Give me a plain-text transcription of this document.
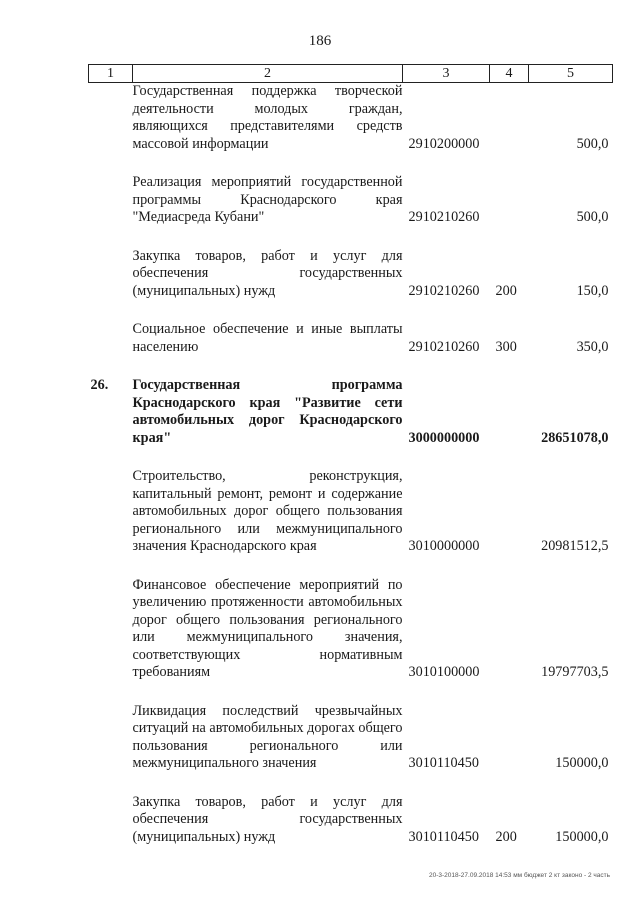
186
1	2	3	4	5
	Государственная поддержка творческой деятельности молодых граждан, являющихся представителями средств массовой информации	2910200000		500,0

	Реализация мероприятий государственной программы Краснодарского края "Медиасреда Кубани"	2910210260		500,0

	Закупка товаров, работ и услуг для обеспечения государственных (муниципальных) нужд	2910210260	200	150,0

	Социальное обеспечение и иные выплаты населению	2910210260	300	350,0

26.	Государственная программа Краснодарского края "Развитие сети автомобильных дорог Краснодарского края"	3000000000		28651078,0

	Строительство, реконструкция, капитальный ремонт, ремонт и содержание автомобильных дорог общего пользования регионального или межмуниципального значения Краснодарского края	3010000000		20981512,5

	Финансовое обеспечение мероприятий по увеличению протяженности автомобильных дорог общего пользования регионального или межмуниципального значения, соответствующих нормативным требованиям	3010100000		19797703,5

	Ликвидация последствий чрезвычайных ситуаций на автомобильных дорогах общего пользования регионального или межмуниципального значения	3010110450		150000,0

	Закупка товаров, работ и услуг для обеспечения государственных (муниципальных) нужд	3010110450	200	150000,0
20-3-2018-27.09.2018 14:53 мм бюджет 2 кт законо - 2 часть
